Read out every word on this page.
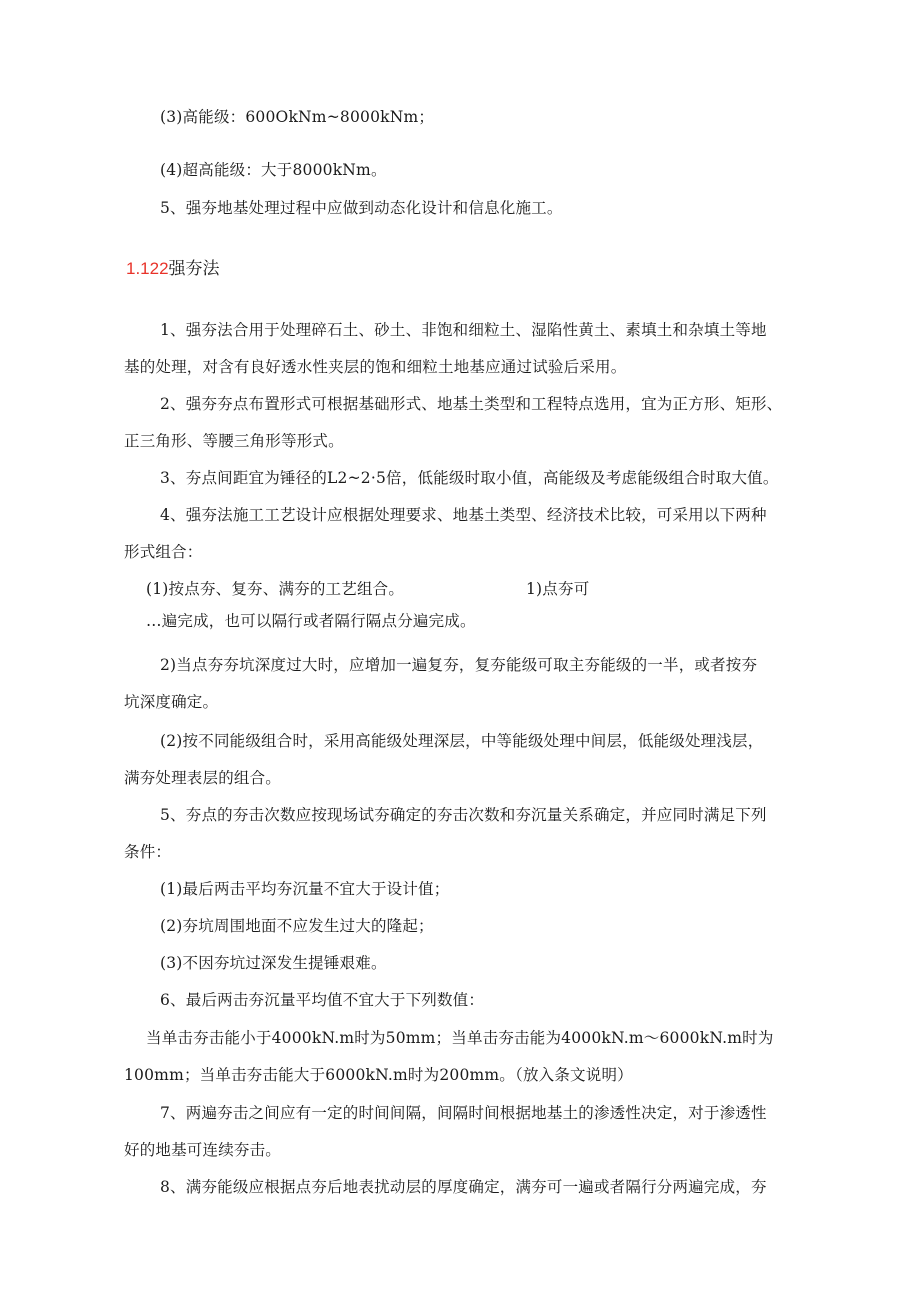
(3)高能级：600OkNm~8000kNm；
(4)超高能级：大于8000kNm。
5、强夯地基处理过程中应做到动态化设计和信息化施工。
1.122强夯法
1、强夯法合用于处理碎石土、砂土、非饱和细粒土、湿陷性黄土、素填土和杂填土等地
基的处理，对含有良好透水性夹层的饱和细粒土地基应通过试验后采用。
2、强夯夯点布置形式可根据基础形式、地基土类型和工程特点选用，宜为正方形、矩形、
正三角形、等腰三角形等形式。
3、夯点间距宜为锤径的L2~2·5倍，低能级时取小值，高能级及考虑能级组合时取大值。
4、强夯法施工工艺设计应根据处理要求、地基土类型、经济技术比较，可采用以下两种
形式组合：
(1)按点夯、复夯、满夯的工艺组合。	1)点夯可
…遍完成，也可以隔行或者隔行隔点分遍完成。
2)当点夯夯坑深度过大时，应增加一遍复夯，复夯能级可取主夯能级的一半，或者按夯
坑深度确定。
(2)按不同能级组合时，采用高能级处理深层，中等能级处理中间层，低能级处理浅层，
满夯处理表层的组合。
5、夯点的夯击次数应按现场试夯确定的夯击次数和夯沉量关系确定，并应同时满足下列
条件：
(1)最后两击平均夯沉量不宜大于设计值；
(2)夯坑周围地面不应发生过大的隆起；
(3)不因夯坑过深发生提锤艰难。
6、最后两击夯沉量平均值不宜大于下列数值：
当单击夯击能小于4000kN.m时为50mm；当单击夯击能为4000kN.m～6000kN.m时为
100mm；当单击夯击能大于6000kN.m时为200mm。（放入条文说明）
7、两遍夯击之间应有一定的时间间隔，间隔时间根据地基土的渗透性决定，对于渗透性
好的地基可连续夯击。
8、满夯能级应根据点夯后地表扰动层的厚度确定，满夯可一遍或者隔行分两遍完成，夯
